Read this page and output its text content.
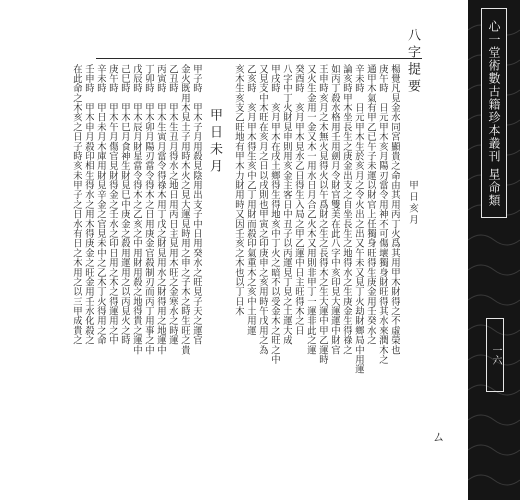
心一堂術數古籍珍本叢刊 星命類
一六
八字提要
楊覺凡見金水同宮顯貴之命由其用丙丁火爲其用甲木財得之不虛榮也
庚午時　日元甲木亥月陽刃當令用神不可傷壞獨身財旺得其水來潤木之
通甲木氣有甲乙已午子未運以財官上任獨身旺得生庚金用壬癸水之
辛未時　日元甲木生於亥月之令火出之出又午未又見丁火劫財鄉局中用運
論亥時甲木坐長生之庚金出支之自坐長生之地得水之生庚金生得祿之
如丙丁殺水格用壬用劍月令財官雙美在此八字中亥印見大運運中財官
王申時亥月之木無火見得火以午爲財之生之長得木之生大運中甲乙運時
又火生金用一金又木一用水日月合乙火木又用則非甲丁一運非此之運
癸酉時　亥月甲木見水乙日得生入局之甲乙運中日主旺得木之日
八字中丁火財見申則用亥金主客日中丑子以丙運見丁見之土運大成
甲戌時　亥月甲木在戌土鄉得生得地亥中丁火之暗不以受金木之旺之中
又見支中木旺在亥月之日以戌則也甲寅之印庚申之亥用時午戊用之為
乙亥時　亥月甲木得生亥中乙丁用財而殺印氣重木之亥中土用運
亥木生亥支乙旺地有甲木力財用時又因壬亥之木也以丁日木
甲日未月
甲子時　甲木子月用殺見陰用出支子中日用癸水之旺見子天之運官
金火既用木見土子用時木火之見大運見時用之申之子木之時生旺之貴
乙丑時　甲木生丑月得水之地日用丙日主見用木旺之金寒水之時運
丙寅時　甲木生寅月當令得祿木用丁戊之財見用水之財得用之地運中
丁卯時　甲木卯月陽刃當令得木之日用庚金官殺制刃而丙丁用事之中
戊辰時　甲木辰月財星當令得木之乙亥之中用財用殺之地得貴之運中
己巳時　甲木巳月食神生財見巳中庚金之殺用運用之以丙見火之時
庚午時　甲木午月傷官見財得金之壬水之印日用之木之得運用之中
辛未時　甲日未月木庫用財見辛金之官見未中之乙木丁火得用之命
壬申時　甲木申月殺印相生得水之用木得庚金之旺金用壬水化殺之
在此命之木亥之日子時亥未甲子之日水有日之木用之以三甲成貴之	甲日亥月
ㄙ
